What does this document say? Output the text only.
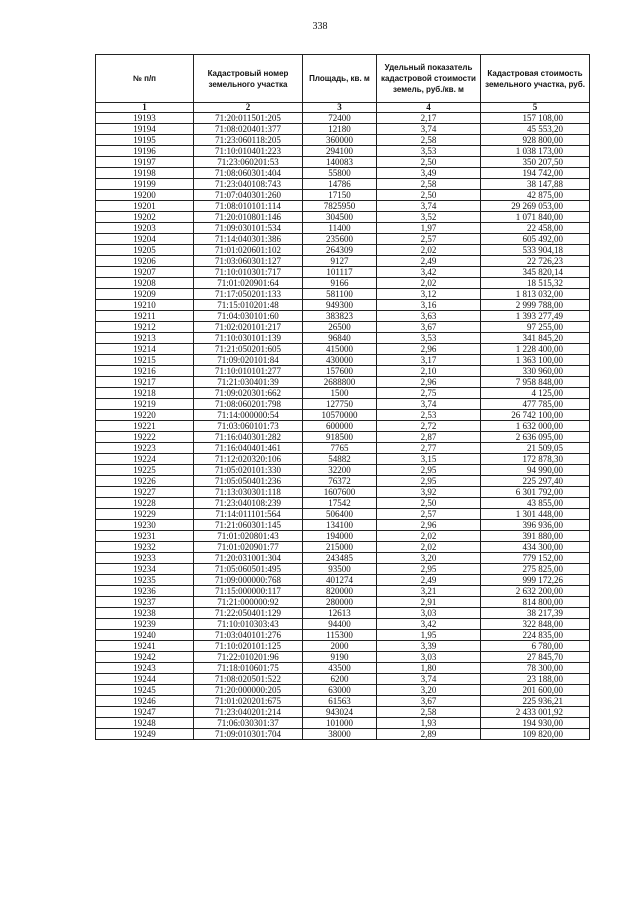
338
№ п/п	Кадастровый номер земельного участка	Площадь, кв. м	Удельный показатель кадастровой стоимости земель, руб./кв. м	Кадастровая стоимость земельного участка, руб.
1	2	3	4	5
19193	71:20:011501:205	72400	2,17	157 108,00
19194	71:08:020401:377	12180	3,74	45 553,20
19195	71:23:060118:205	360000	2,58	928 800,00
19196	71:10:010401:223	294100	3,53	1 038 173,00
19197	71:23:060201:53	140083	2,50	350 207,50
19198	71:08:060301:404	55800	3,49	194 742,00
19199	71:23:040108:743	14786	2,58	38 147,88
19200	71:07:040301:260	17150	2,50	42 875,00
19201	71:08:010101:114	7825950	3,74	29 269 053,00
19202	71:20:010801:146	304500	3,52	1 071 840,00
19203	71:09:030101:534	11400	1,97	22 458,00
19204	71:14:040301:386	235600	2,57	605 492,00
19205	71:01:020601:102	264309	2,02	533 904,18
19206	71:03:060301:127	9127	2,49	22 726,23
19207	71:10:010301:717	101117	3,42	345 820,14
19208	71:01:020901:64	9166	2,02	18 515,32
19209	71:17:050201:133	581100	3,12	1 813 032,00
19210	71:15:010201:48	949300	3,16	2 999 788,00
19211	71:04:030101:60	383823	3,63	1 393 277,49
19212	71:02:020101:217	26500	3,67	97 255,00
19213	71:10:030101:139	96840	3,53	341 845,20
19214	71:21:050201:605	415000	2,96	1 228 400,00
19215	71:09:020101:84	430000	3,17	1 363 100,00
19216	71:10:010101:277	157600	2,10	330 960,00
19217	71:21:030401:39	2688800	2,96	7 958 848,00
19218	71:09:020301:662	1500	2,75	4 125,00
19219	71:08:060201:798	127750	3,74	477 785,00
19220	71:14:000000:54	10570000	2,53	26 742 100,00
19221	71:03:060101:73	600000	2,72	1 632 000,00
19222	71:16:040301:282	918500	2,87	2 636 095,00
19223	71:16:040401:461	7765	2,77	21 509,05
19224	71:12:020320:106	54882	3,15	172 878,30
19225	71:05:020101:330	32200	2,95	94 990,00
19226	71:05:050401:236	76372	2,95	225 297,40
19227	71:13:030301:118	1607600	3,92	6 301 792,00
19228	71:23:040108:239	17542	2,50	43 855,00
19229	71:14:011101:564	506400	2,57	1 301 448,00
19230	71:21:060301:145	134100	2,96	396 936,00
19231	71:01:020801:43	194000	2,02	391 880,00
19232	71:01:020901:77	215000	2,02	434 300,00
19233	71:20:031001:304	243485	3,20	779 152,00
19234	71:05:060501:495	93500	2,95	275 825,00
19235	71:09:000000:768	401274	2,49	999 172,26
19236	71:15:000000:117	820000	3,21	2 632 200,00
19237	71:21:000000:92	280000	2,91	814 800,00
19238	71:22:050401:129	12613	3,03	38 217,39
19239	71:10:010303:43	94400	3,42	322 848,00
19240	71:03:040101:276	115300	1,95	224 835,00
19241	71:10:020101:125	2000	3,39	6 780,00
19242	71:22:010201:96	9190	3,03	27 845,70
19243	71:18:010601:75	43500	1,80	78 300,00
19244	71:08:020501:522	6200	3,74	23 188,00
19245	71:20:000000:205	63000	3,20	201 600,00
19246	71:01:020201:675	61563	3,67	225 936,21
19247	71:23:040201:214	943024	2,58	2 433 001,92
19248	71:06:030301:37	101000	1,93	194 930,00
19249	71:09:010301:704	38000	2,89	109 820,00
